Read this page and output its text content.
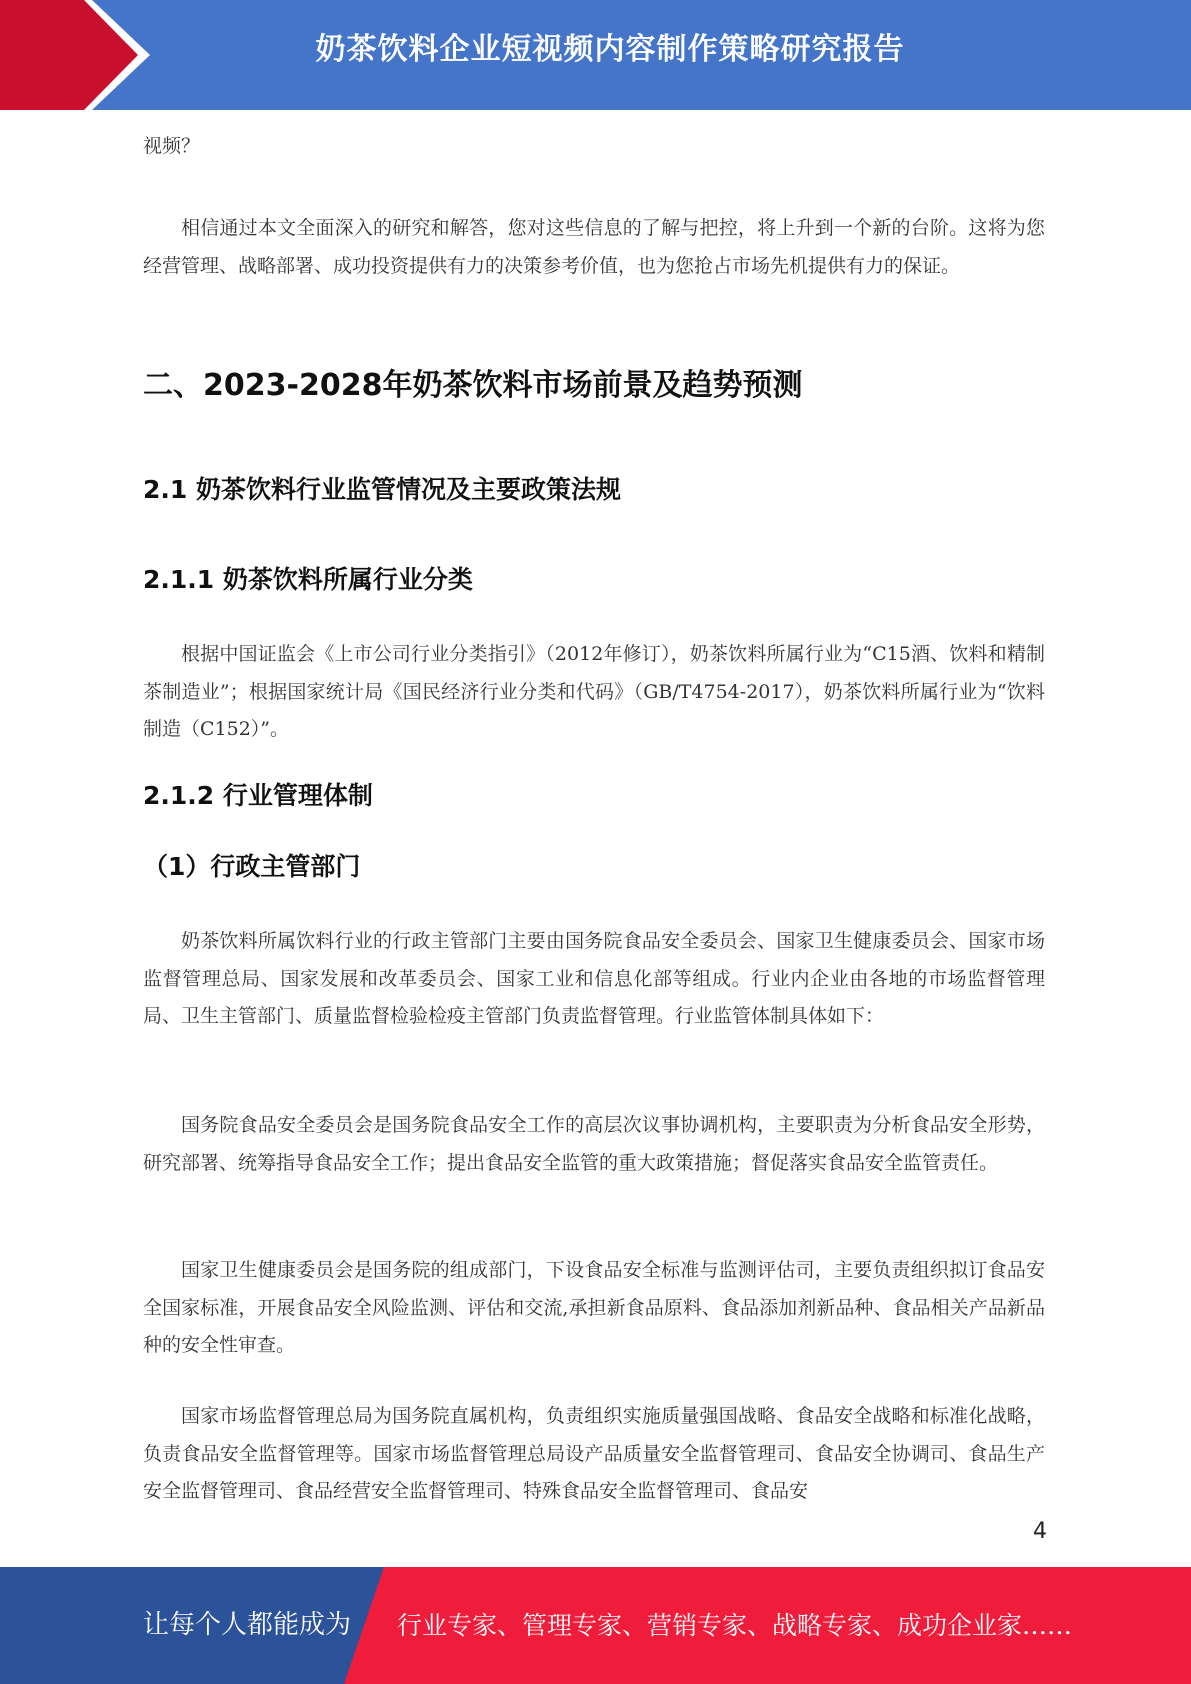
奶茶饮料企业短视频内容制作策略研究报告

视频？

相信通过本文全面深入的研究和解答，您对这些信息的了解与把控，将上升到一个新的台阶。这将为您经营管理、战略部署、成功投资提供有力的决策参考价值，也为您抢占市场先机提供有力的保证。

二、2023-2028年奶茶饮料市场前景及趋势预测
2.1 奶茶饮料行业监管情况及主要政策法规
2.1.1 奶茶饮料所属行业分类

根据中国证监会《上市公司行业分类指引》（2012年修订），奶茶饮料所属行业为“C15酒、饮料和精制茶制造业”；根据国家统计局《国民经济行业分类和代码》（GB/T4754-2017），奶茶饮料所属行业为“饮料制造（C152）”。

2.1.2 行业管理体制
（1）行政主管部门

奶茶饮料所属饮料行业的行政主管部门主要由国务院食品安全委员会、国家卫生健康委员会、国家市场监督管理总局、国家发展和改革委员会、国家工业和信息化部等组成。行业内企业由各地的市场监督管理局、卫生主管部门、质量监督检验检疫主管部门负责监督管理。行业监管体制具体如下：

国务院食品安全委员会是国务院食品安全工作的高层次议事协调机构，主要职责为分析食品安全形势，研究部署、统筹指导食品安全工作；提出食品安全监管的重大政策措施；督促落实食品安全监管责任。

国家卫生健康委员会是国务院的组成部门，下设食品安全标准与监测评估司，主要负责组织拟订食品安全国家标准，开展食品安全风险监测、评估和交流,承担新食品原料、食品添加剂新品种、食品相关产品新品种的安全性审查。

国家市场监督管理总局为国务院直属机构，负责组织实施质量强国战略、食品安全战略和标准化战略，负责食品安全监督管理等。国家市场监督管理总局设产品质量安全监督管理司、食品安全协调司、食品生产安全监督管理司、食品经营安全监督管理司、特殊食品安全监督管理司、食品安

4
让每个人都能成为 行业专家、管理专家、营销专家、战略专家、成功企业家……
